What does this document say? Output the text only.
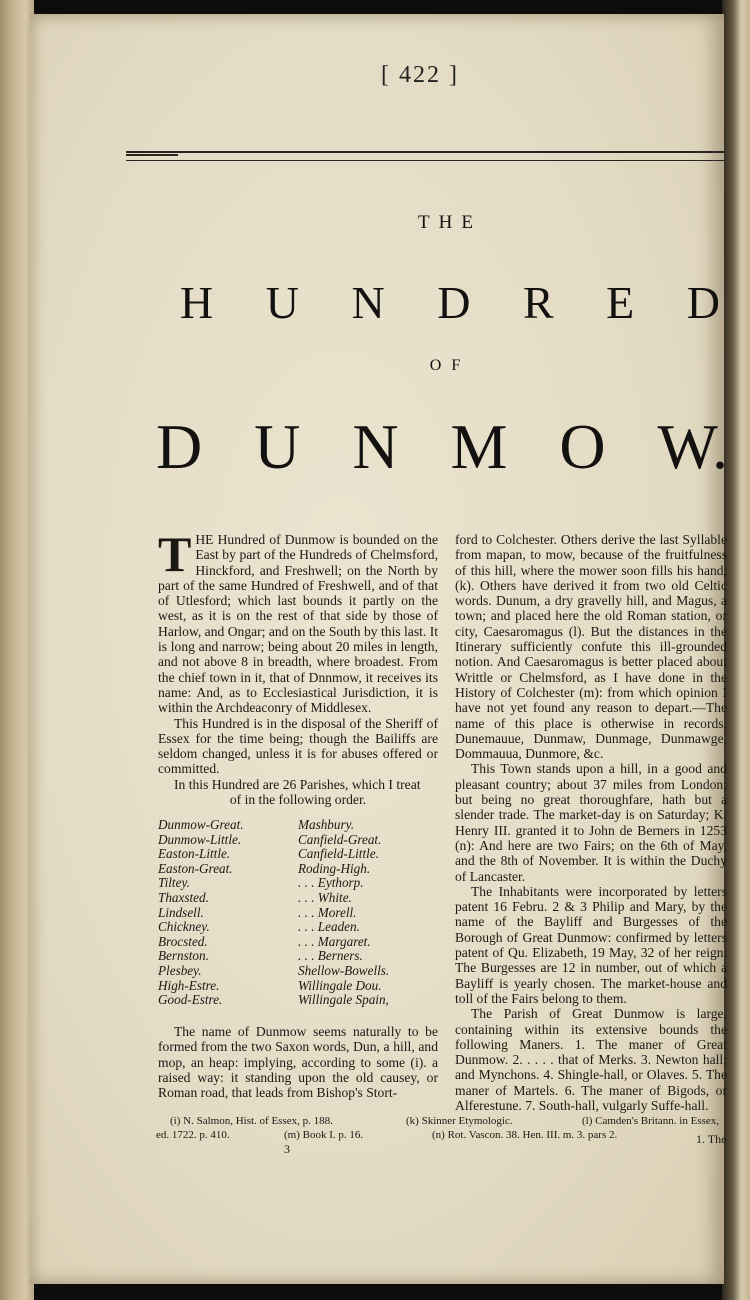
[ 422 ]
THE
H U N D R E D
OF
D U N M O W.

THE Hundred of Dunmow is bounded on the East by part of the Hundreds of Chelmsford, Hinckford, and Freshwell; on the North by part of the same Hundred of Freshwell, and of that of Utlesford; which last bounds it partly on the west, as it is on the rest of that side by those of Harlow, and Ongar; and on the South by this last. It is long and narrow; being about 20 miles in length, and not above 8 in breadth, where broadest. From the chief town in it, that of Dnnmow, it receives its name: And, as to Ecclesiastical Jurisdiction, it is within the Archdeaconry of Middlesex.

This Hundred is in the disposal of the Sheriff of Essex for the time being; though the Bailiffs are seldom changed, unless it is for abuses offered or committed.

In this Hundred are 26 Parishes, which I treat

of in the following order.

Dunmow-Great.	Mashbury.
Dunmow-Little.	Canfield-Great.
Easton-Little.	Canfield-Little.
Easton-Great.	Roding-High.
Tiltey.	. . . Eythorp.
Thaxsted.	. . . White.
Lindsell.	. . . Morell.
Chickney.	. . . Leaden.
Brocsted.	. . . Margaret.
Bernston.	. . . Berners.
Plesbey.	Shellow-Bowells.
High-Estre.	Willingale Dou.
Good-Estre.	Willingale Spain,

The name of Dunmow seems naturally to be formed from the two Saxon words, Dun, a hill, and mop, an heap: implying, according to some (i). a raised way: it standing upon the old causey, or Roman road, that leads from Bishop's Stort-

ford to Colchester. Others derive the last Syllable from mapan, to mow, because of the fruitfulness of this hill, where the mower soon fills his hand, (k). Others have derived it from two old Celtic words. Dunum, a dry gravelly hill, and Magus, a town; and placed here the old Roman station, or city, Caesaromagus (l). But the distances in the Itinerary sufficiently confute this ill-grounded notion. And Caesaromagus is better placed about Writtle or Chelmsford, as I have done in the History of Colchester (m): from which opinion I have not yet found any reason to depart.—The name of this place is otherwise in records, Dunemauue, Dunmaw, Dunmage, Dunmawge, Dommauua, Dunmore, &c.

This Town stands upon a hill, in a good and pleasant country; about 37 miles from London; but being no great thoroughfare, hath but a slender trade. The market-day is on Saturday; K. Henry III. granted it to John de Berners in 1253 (n): And here are two Fairs; on the 6th of May, and the 8th of November. It is within the Duchy of Lancaster.

The Inhabitants were incorporated by letters patent 16 Febru. 2 & 3 Philip and Mary, by the name of the Bayliff and Burgesses of the Borough of Great Dunmow: confirmed by letters patent of Qu. Elizabeth, 19 May, 32 of her reign. The Burgesses are 12 in number, out of which a Bayliff is yearly chosen. The market-house and toll of the Fairs belong to them.

The Parish of Great Dunmow is large, containing within its extensive bounds the following Maners. 1. The maner of Great Dunmow. 2. . . . . that of Merks. 3. Newton hall; and Mynchons. 4. Shingle-hall, or Olaves. 5. The maner of Martels. 6. The maner of Bigods, or Alferestune. 7. South-hall, vulgarly Suffe-hall.

(i) N. Salmon, Hist. of Essex, p. 188.
ed. 1722. p. 410.	(m) Book I. p. 16.
(k) Skinner Etymologic.
(n) Rot. Vascon. 38. Hen. III. m. 3. pars 2.
(l) Camden's Britann. in Essex,
3
1. The
